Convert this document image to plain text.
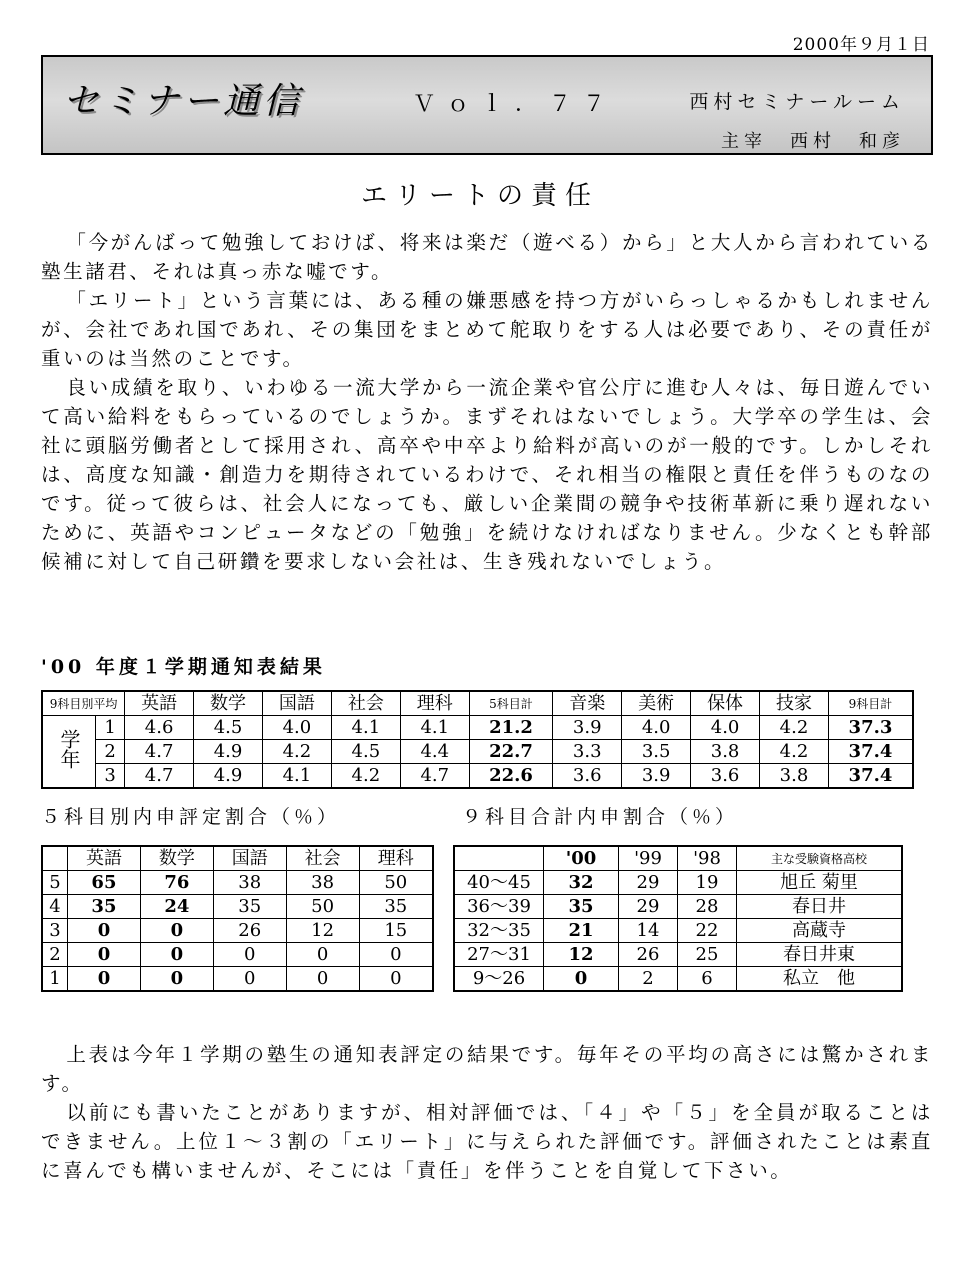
2000年９月１日
セミナー通信	Ｖｏｌ．７７	西村セミナールーム
主宰　西村　和彦
エリートの責任

「今がんばって勉強しておけば、将来は楽だ（遊べる）から」と大人から言われている塾生諸君、それは真っ赤な嘘です。

「エリート」という言葉には、ある種の嫌悪感を持つ方がいらっしゃるかもしれませんが、会社であれ国であれ、その集団をまとめて舵取りをする人は必要であり、その責任が重いのは当然のことです。

良い成績を取り、いわゆる一流大学から一流企業や官公庁に進む人々は、毎日遊んでいて高い給料をもらっているのでしょうか。まずそれはないでしょう。大学卒の学生は、会社に頭脳労働者として採用され、高卒や中卒より給料が高いのが一般的です。しかしそれは、高度な知識・創造力を期待されているわけで、それ相当の権限と責任を伴うものなのです。従って彼らは、社会人になっても、厳しい企業間の競争や技術革新に乗り遅れないために、英語やコンピュータなどの「勉強」を続けなければなりません。少なくとも幹部候補に対して自己研鑽を要求しない会社は、生き残れないでしょう。

'00 年度１学期通知表結果
9科目別平均		英語	数学	国語	社会	理科	5科目計	音楽	美術	保体	技家	9科目計
学年	1	4.6	4.5	4.0	4.1	4.1	21.2	3.9	4.0	4.0	4.2	37.3
	2	4.7	4.9	4.2	4.5	4.4	22.7	3.3	3.5	3.8	4.2	37.4
	3	4.7	4.9	4.1	4.2	4.7	22.6	3.6	3.9	3.6	3.8	37.4
５科目別内申評定割合（％）	９科目合計内申割合（％）
	英語	数学	国語	社会	理科
5	65	76	38	38	50
4	35	24	35	50	35
3	0	0	26	12	15
2	0	0	0	0	0
1	0	0	0	0	0
	'00	'99	'98	主な受験資格高校
40～45	32	29	19	旭丘 菊里
36～39	35	29	28	春日井
32～35	21	14	22	高蔵寺
27～31	12	26	25	春日井東
9～26	0	2	6	私立　他

上表は今年１学期の塾生の通知表評定の結果です。毎年その平均の高さには驚かされます。

以前にも書いたことがありますが、相対評価では、「４」や「５」を全員が取ることはできません。上位１～３割の「エリート」に与えられた評価です。評価されたことは素直に喜んでも構いませんが、そこには「責任」を伴うことを自覚して下さい。
